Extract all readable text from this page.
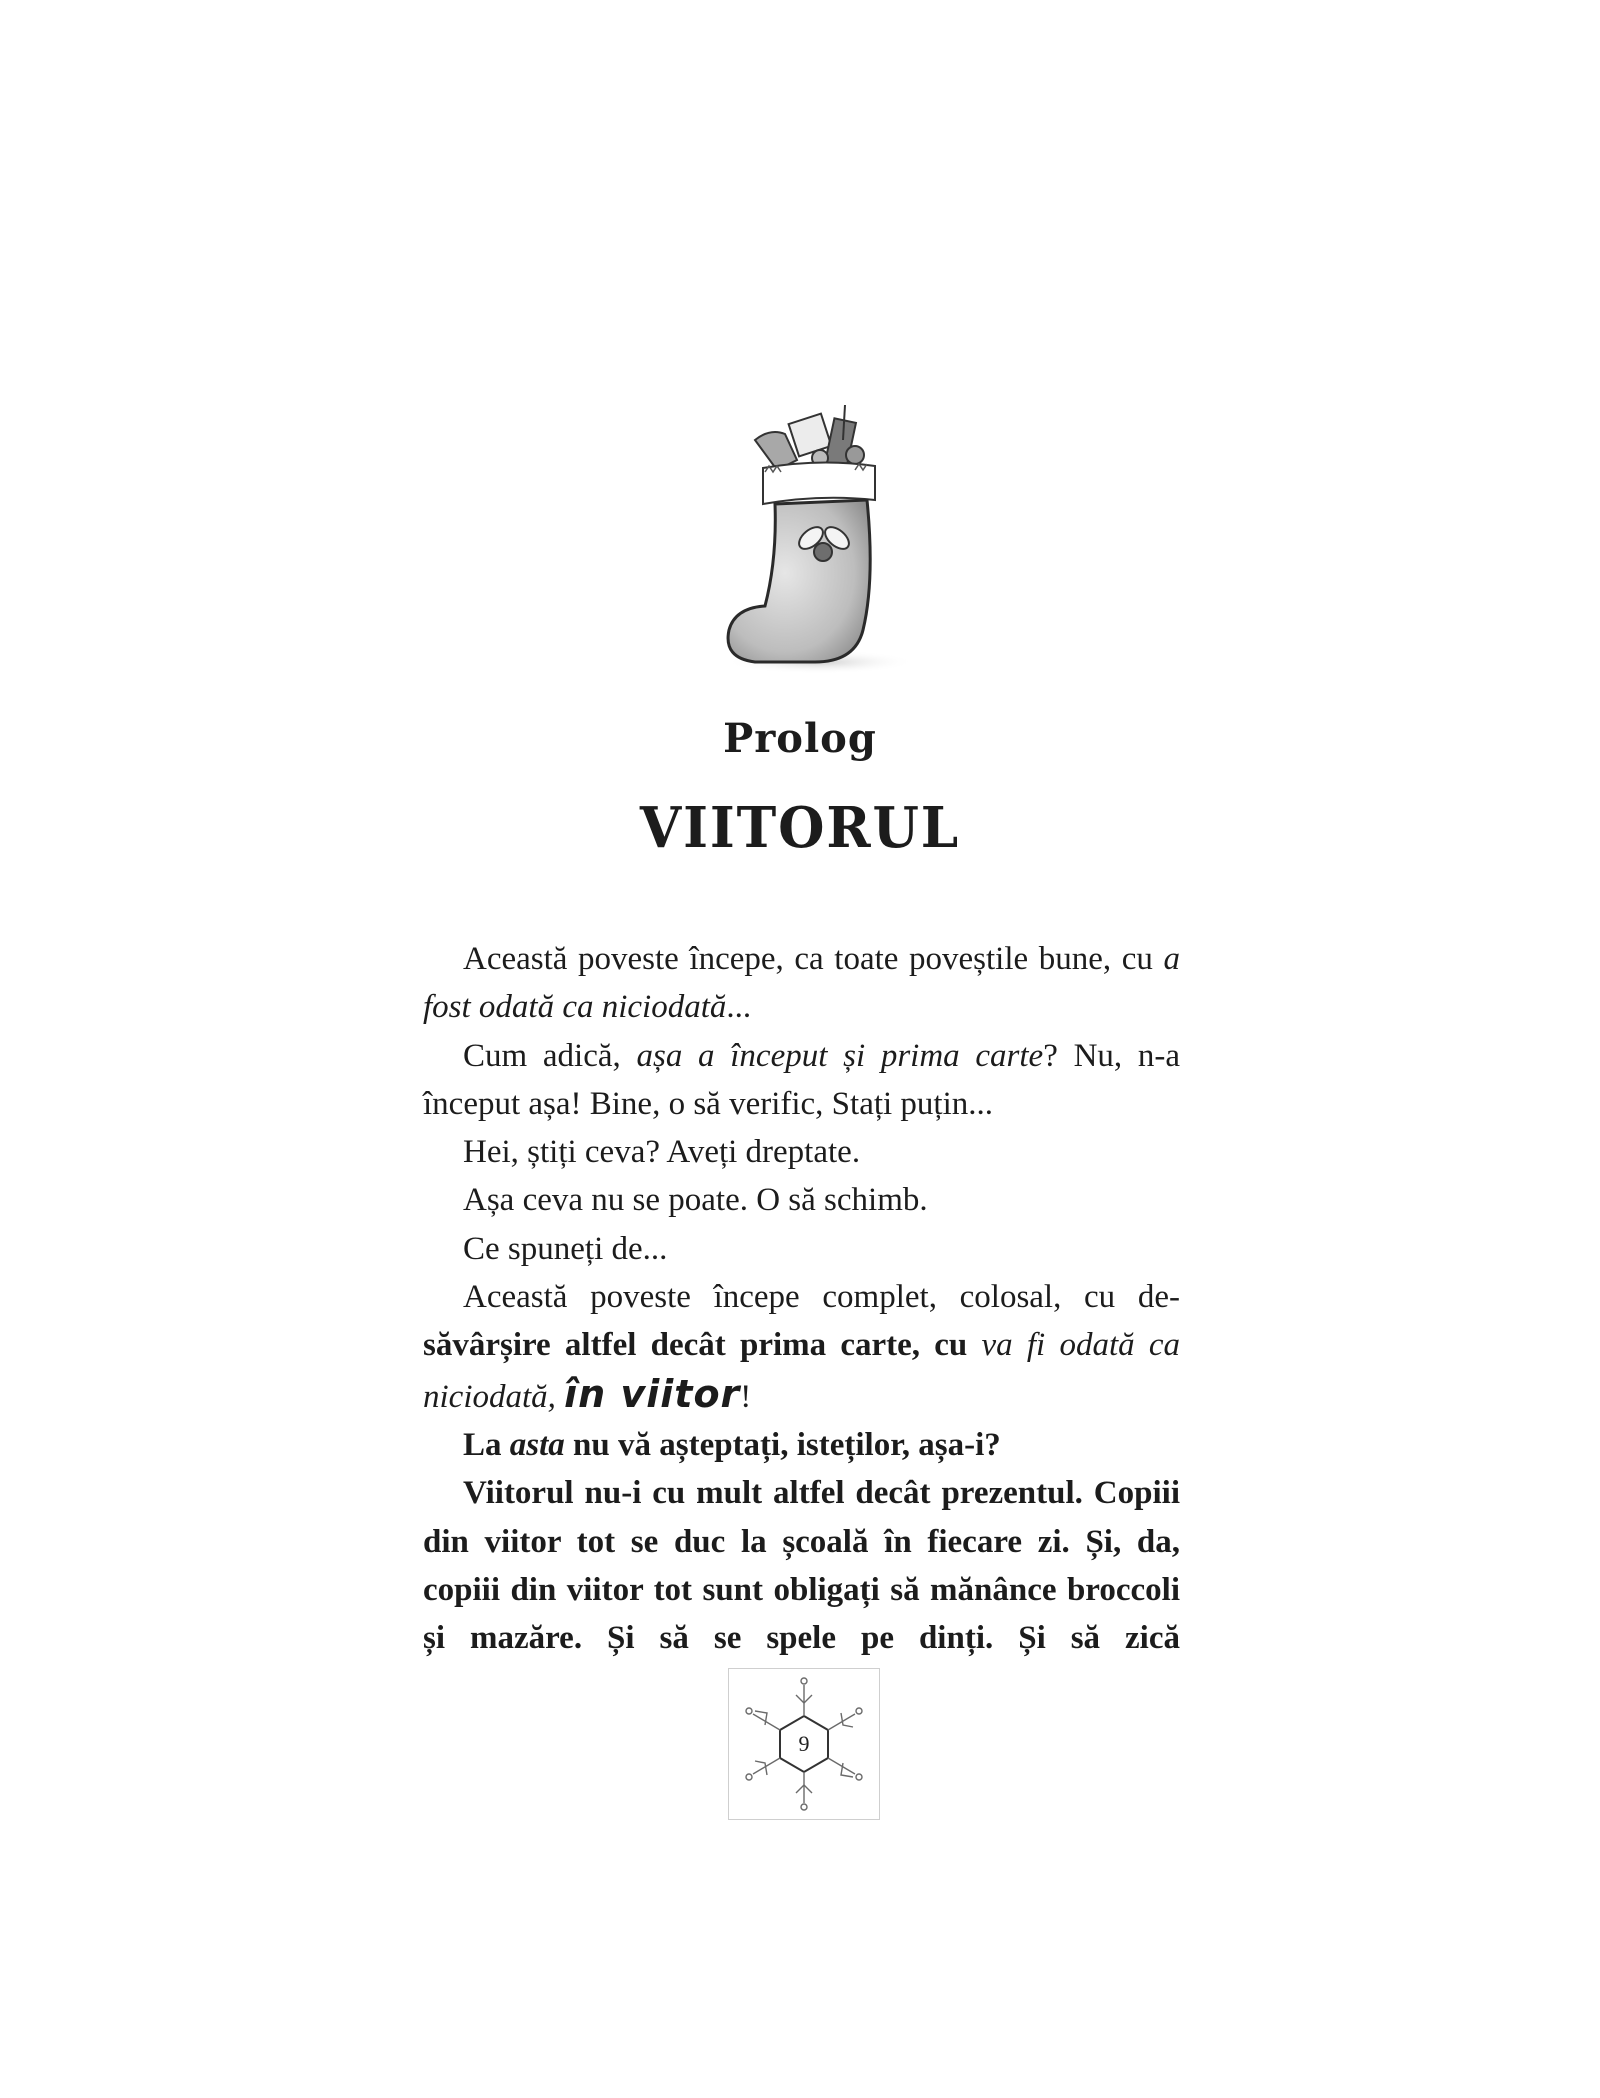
Prolog
VIITORUL

Această poveste începe, ca toate poveștile bune, cu a fost odată ca niciodată...

Cum adică, așa a început și prima carte? Nu, n-a început așa! Bine, o să verific, Stați puțin...

Hei, știți ceva? Aveți dreptate.

Așa ceva nu se poate. O să schimb.

Ce spuneți de...

Această poveste începe complet, colosal, cu de-săvârșire altfel decât prima carte, cu va fi odată ca niciodată, în viitor!

La asta nu vă așteptați, isteților, așa-i?

Viitorul nu-i cu mult altfel decât prezentul. Copiii din viitor tot se duc la școală în fiecare zi. Și, da, copiii din viitor tot sunt obligați să mănânce broccoli și mazăre. Și să se spele pe dinți. Și să zică

9
